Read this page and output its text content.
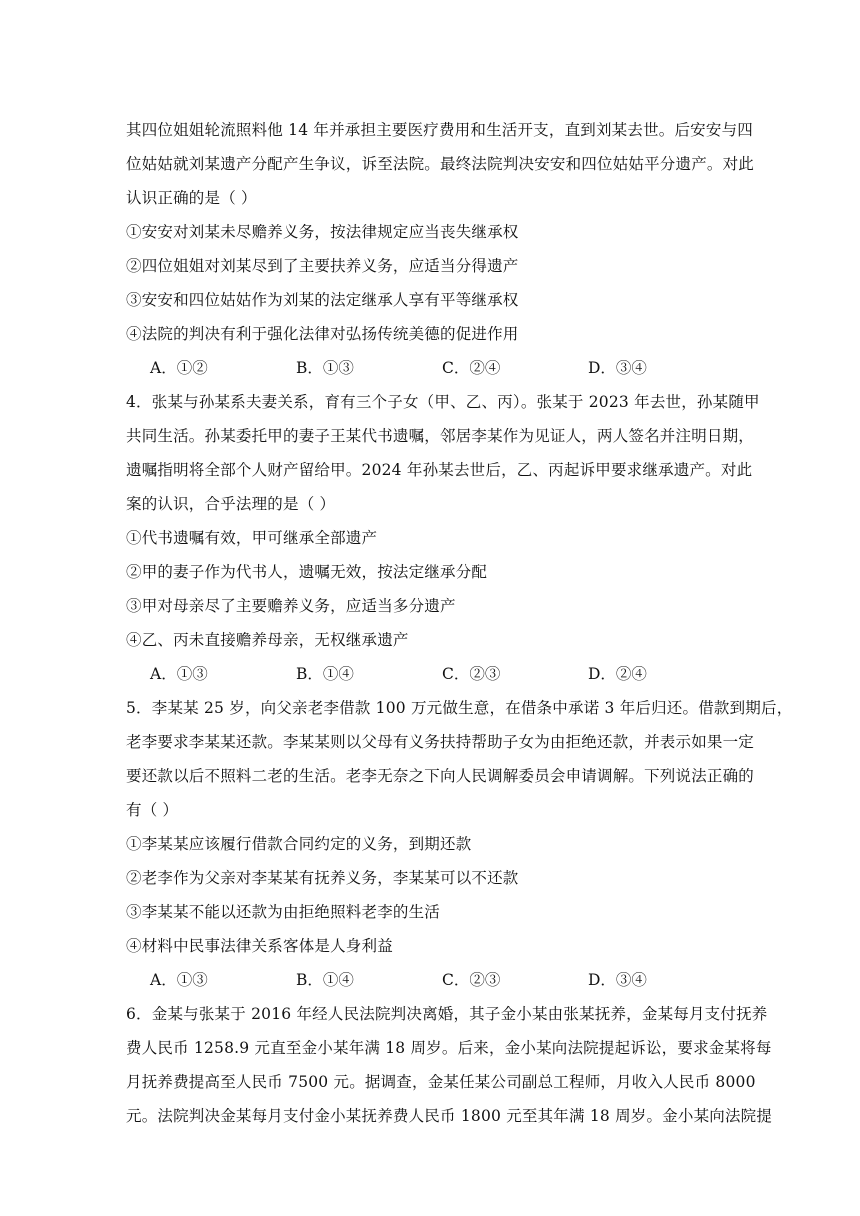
其四位姐姐轮流照料他 14 年并承担主要医疗费用和生活开支，直到刘某去世。后安安与四
位姑姑就刘某遗产分配产生争议，诉至法院。最终法院判决安安和四位姑姑平分遗产。对此
认识正确的是（ ）
①安安对刘某未尽赡养义务，按法律规定应当丧失继承权
②四位姐姐对刘某尽到了主要扶养义务，应适当分得遗产
③安安和四位姑姑作为刘某的法定继承人享有平等继承权
④法院的判决有利于强化法律对弘扬传统美德的促进作用
A．①②	B．①③	C．②④	D．③④
4．张某与孙某系夫妻关系，育有三个子女（甲、乙、丙）。张某于 2023 年去世，孙某随甲
共同生活。孙某委托甲的妻子王某代书遗嘱，邻居李某作为见证人，两人签名并注明日期，
遗嘱指明将全部个人财产留给甲。2024 年孙某去世后，乙、丙起诉甲要求继承遗产。对此
案的认识，合乎法理的是（ ）
①代书遗嘱有效，甲可继承全部遗产
②甲的妻子作为代书人，遗嘱无效，按法定继承分配
③甲对母亲尽了主要赡养义务，应适当多分遗产
④乙、丙未直接赡养母亲，无权继承遗产
A．①③	B．①④	C．②③	D．②④
5．李某某 25 岁，向父亲老李借款 100 万元做生意，在借条中承诺 3 年后归还。借款到期后，
老李要求李某某还款。李某某则以父母有义务扶持帮助子女为由拒绝还款，并表示如果一定
要还款以后不照料二老的生活。老李无奈之下向人民调解委员会申请调解。下列说法正确的
有（ ）
①李某某应该履行借款合同约定的义务，到期还款
②老李作为父亲对李某某有抚养义务，李某某可以不还款
③李某某不能以还款为由拒绝照料老李的生活
④材料中民事法律关系客体是人身利益
A．①③	B．①④	C．②③	D．③④
6．金某与张某于 2016 年经人民法院判决离婚，其子金小某由张某抚养，金某每月支付抚养
费人民币 1258.9 元直至金小某年满 18 周岁。后来，金小某向法院提起诉讼，要求金某将每
月抚养费提高至人民币 7500 元。据调查，金某任某公司副总工程师，月收入人民币 8000
元。法院判决金某每月支付金小某抚养费人民币 1800 元至其年满 18 周岁。金小某向法院提
